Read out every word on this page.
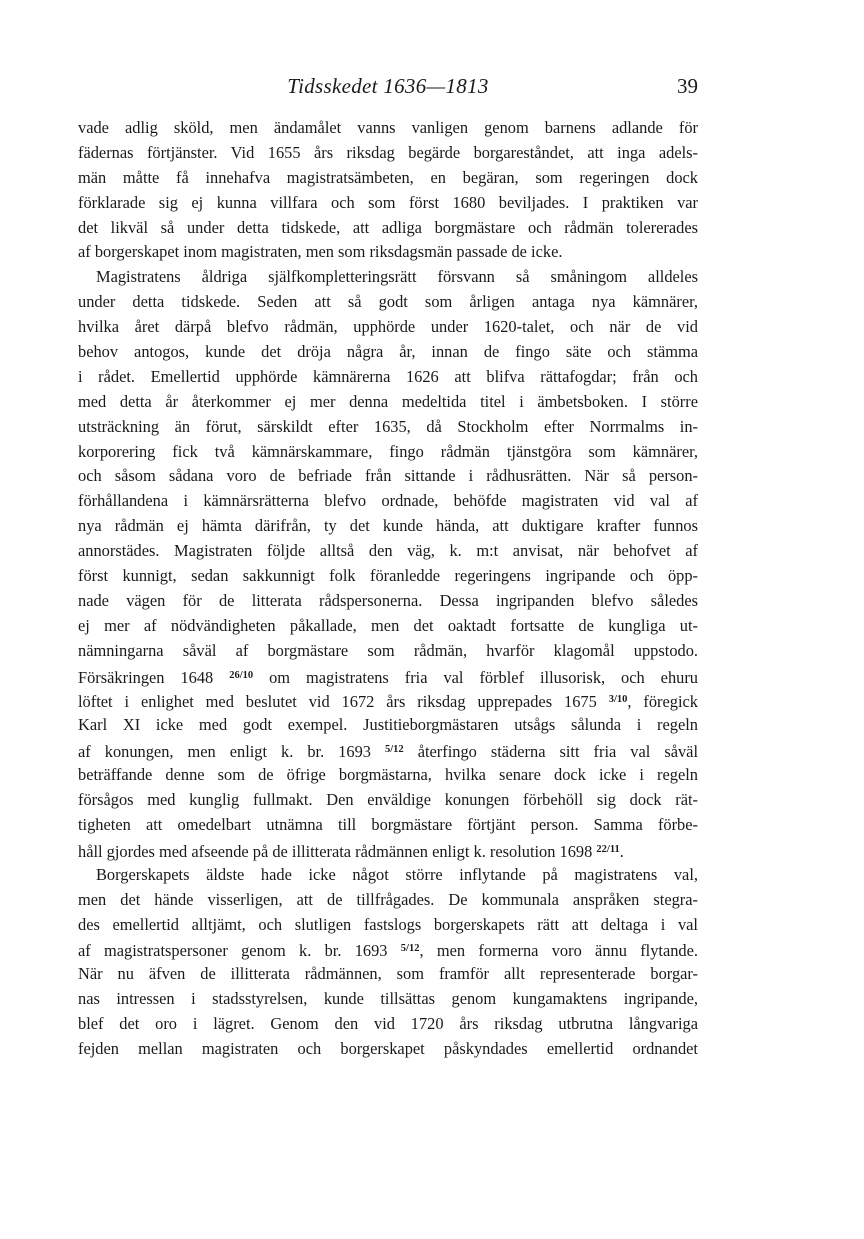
Tidsskedet 1636—1813	39
vade adlig sköld, men ändamålet vanns vanligen genom barnens adlande för
fädernas förtjänster. Vid 1655 års riksdag begärde borgareståndet, att inga adels-
män måtte få innehafva magistratsämbeten, en begäran, som regeringen dock
förklarade sig ej kunna villfara och som först 1680 beviljades. I praktiken var
det likväl så under detta tidskede, att adliga borgmästare och rådmän tolererades
af borgerskapet inom magistraten, men som riksdagsmän passade de icke.
Magistratens åldriga själfkompletteringsrätt försvann så småningom alldeles
under detta tidskede. Seden att så godt som årligen antaga nya kämnärer,
hvilka året därpå blefvo rådmän, upphörde under 1620-talet, och när de vid
behov antogos, kunde det dröja några år, innan de fingo säte och stämma
i rådet. Emellertid upphörde kämnärerna 1626 att blifva rättafogdar; från och
med detta år återkommer ej mer denna medeltida titel i ämbetsboken. I större
utsträckning än förut, särskildt efter 1635, då Stockholm efter Norrmalms in-
korporering fick två kämnärskammare, fingo rådmän tjänstgöra som kämnärer,
och såsom sådana voro de befriade från sittande i rådhusrätten. När så person-
förhållandena i kämnärsrätterna blefvo ordnade, behöfde magistraten vid val af
nya rådmän ej hämta därifrån, ty det kunde hända, att duktigare krafter funnos
annorstädes. Magistraten följde alltså den väg, k. m:t anvisat, när behofvet af
först kunnigt, sedan sakkunnigt folk föranledde regeringens ingripande och öpp-
nade vägen för de litterata rådspersonerna. Dessa ingripanden blefvo således
ej mer af nödvändigheten påkallade, men det oaktadt fortsatte de kungliga ut-
nämningarna såväl af borgmästare som rådmän, hvarför klagomål uppstodo.
Försäkringen 1648 $^{26/10}$ om magistratens fria val förblef illusorisk, och ehuru
löftet i enlighet med beslutet vid 1672 års riksdag upprepades 1675 $^{3/10}$, föregick
Karl XI icke med godt exempel. Justitieborgmästaren utsågs sålunda i regeln
af konungen, men enligt k. br. 1693 $^{5/12}$ återfingo städerna sitt fria val såväl
beträffande denne som de öfrige borgmästarna, hvilka senare dock icke i regeln
försågos med kunglig fullmakt. Den enväldige konungen förbehöll sig dock rät-
tigheten att omedelbart utnämna till borgmästare förtjänt person. Samma förbe-
håll gjordes med afseende på de illitterata rådmännen enligt k. resolution 1698 $^{22/11}$.
Borgerskapets äldste hade icke något större inflytande på magistratens val,
men det hände visserligen, att de tillfrågades. De kommunala anspråken stegra-
des emellertid alltjämt, och slutligen fastslogs borgerskapets rätt att deltaga i val
af magistratspersoner genom k. br. 1693 $^{5/12}$, men formerna voro ännu flytande.
När nu äfven de illitterata rådmännen, som framför allt representerade borgar-
nas intressen i stadsstyrelsen, kunde tillsättas genom kungamaktens ingripande,
blef det oro i lägret. Genom den vid 1720 års riksdag utbrutna långvariga
fejden mellan magistraten och borgerskapet påskyndades emellertid ordnandet
